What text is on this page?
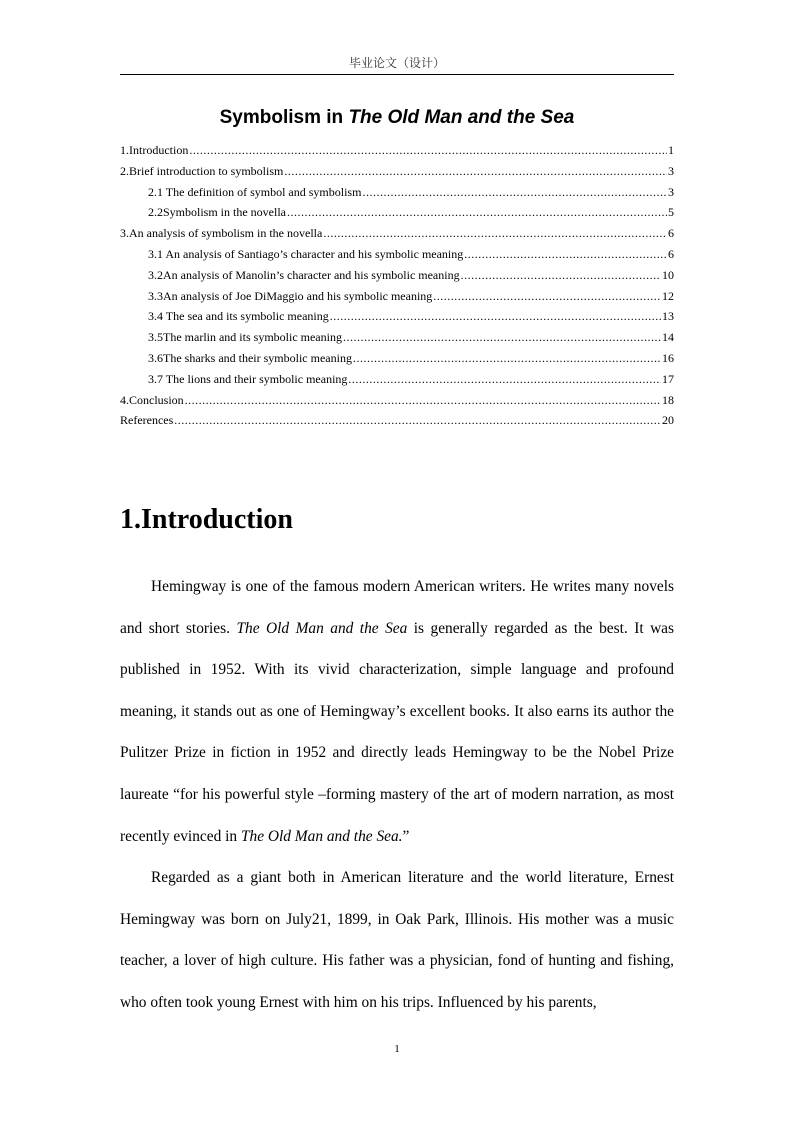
毕业论文（设计）
Symbolism in The Old Man and the Sea
1.Introduction .....	1
2.Brief introduction to symbolism .....	3
2.1 The definition of symbol and symbolism .....	3
2.2Symbolism in the novella .....	5
3.An analysis of symbolism in the novella .....	6
3.1 An analysis of Santiago’s character and his symbolic meaning .....	6
3.2An analysis of Manolin’s character and his symbolic meaning .....	10
3.3An analysis of Joe DiMaggio and his symbolic meaning .....	12
3.4 The sea and its symbolic meaning .....	13
3.5The marlin and its symbolic meaning .....	14
3.6The sharks and their symbolic meaning .....	16
3.7 The lions and their symbolic meaning .....	17
4.Conclusion .....	18
References .....	20
1.Introduction

Hemingway is one of the famous modern American writers. He writes many novels and short stories. The Old Man and the Sea is generally regarded as the best. It was published in 1952. With its vivid characterization, simple language and profound meaning, it stands out as one of Hemingway’s excellent books. It also earns its author the Pulitzer Prize in fiction in 1952 and directly leads Hemingway to be the Nobel Prize laureate “for his powerful style –forming mastery of the art of modern narration, as most recently evinced in The Old Man and the Sea.”

Regarded as a giant both in American literature and the world literature, Ernest Hemingway was born on July21, 1899, in Oak Park, Illinois. His mother was a music teacher, a lover of high culture. His father was a physician, fond of hunting and fishing, who often took young Ernest with him on his trips. Influenced by his parents,

1
